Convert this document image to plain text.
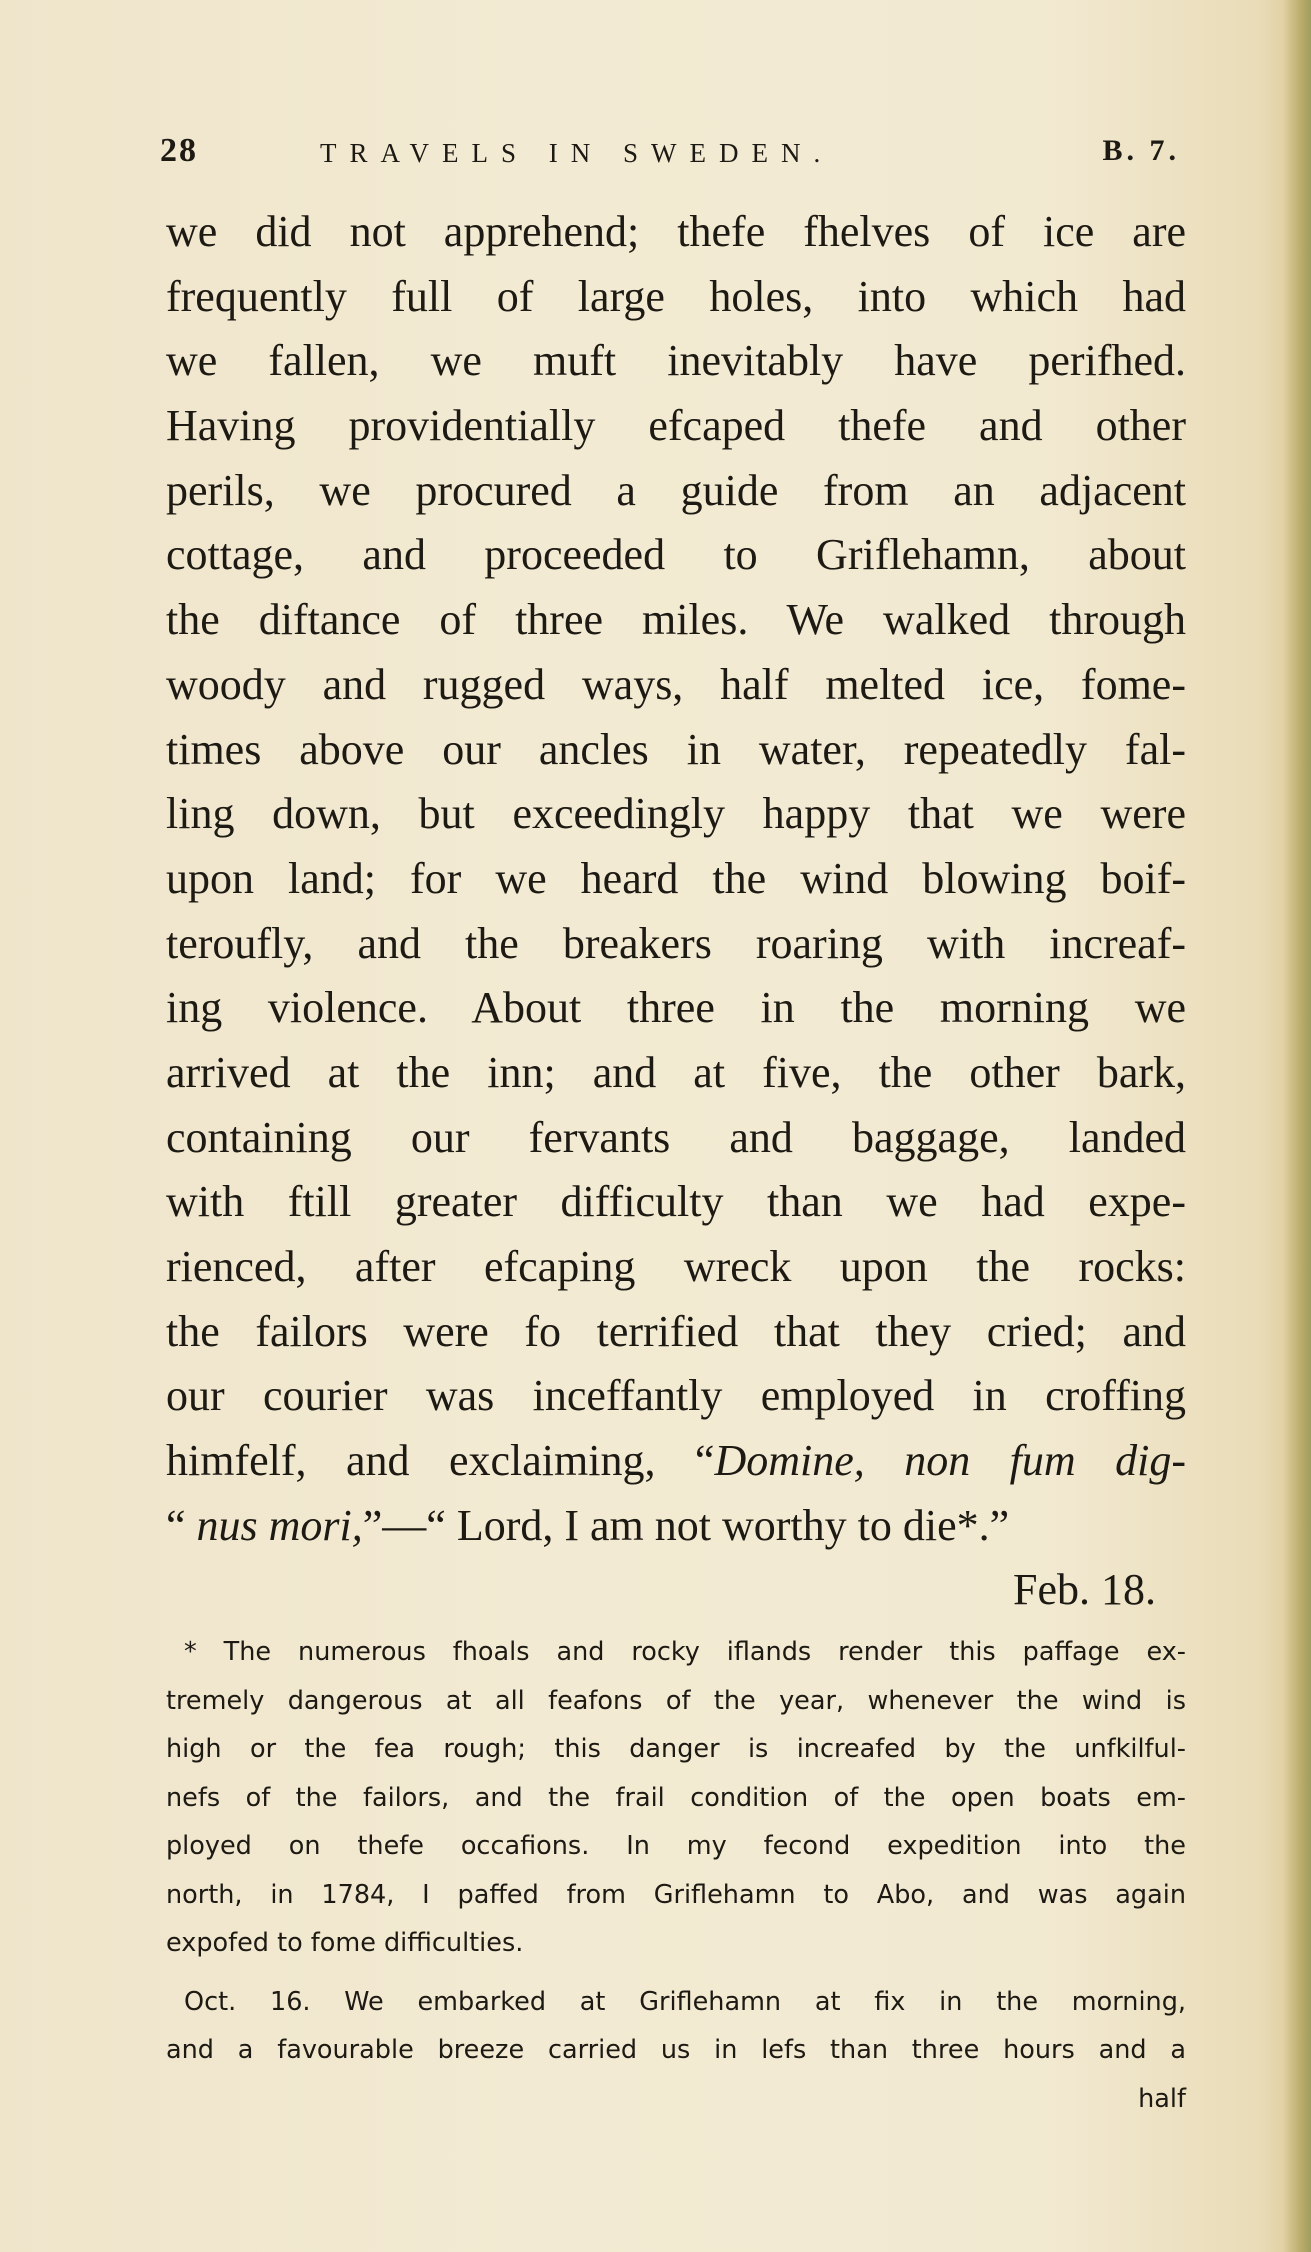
28	TRAVELS IN SWEDEN.	B. 7.
we did not apprehend; thefe fhelves of ice are
frequently full of large holes, into which had
we fallen, we muft inevitably have perifhed.
Having providentially efcaped thefe and other
perils, we procured a guide from an adjacent
cottage, and proceeded to Griflehamn, about
the diftance of three miles. We walked through
woody and rugged ways, half melted ice, fome-
times above our ancles in water, repeatedly fal-
ling down, but exceedingly happy that we were
upon land; for we heard the wind blowing boif-
teroufly, and the breakers roaring with increaf-
ing violence. About three in the morning we
arrived at the inn; and at five, the other bark,
containing our fervants and baggage, landed
with ftill greater difficulty than we had expe-
rienced, after efcaping wreck upon the rocks:
the failors were fo terrified that they cried; and
our courier was inceffantly employed in croffing
himfelf, and exclaiming, “Domine, non fum dig-
“ nus mori,”—“ Lord, I am not worthy to die*.”
Feb. 18.
* The numerous fhoals and rocky iflands render this paffage ex-
tremely dangerous at all feafons of the year, whenever the wind is
high or the fea rough; this danger is increafed by the unfkilful-
nefs of the failors, and the frail condition of the open boats em-
ployed on thefe occafions. In my fecond expedition into the
north, in 1784, I paffed from Griflehamn to Abo, and was again
expofed to fome difficulties.
Oct. 16. We embarked at Griflehamn at fix in the morning,
and a favourable breeze carried us in lefs than three hours and a
half
